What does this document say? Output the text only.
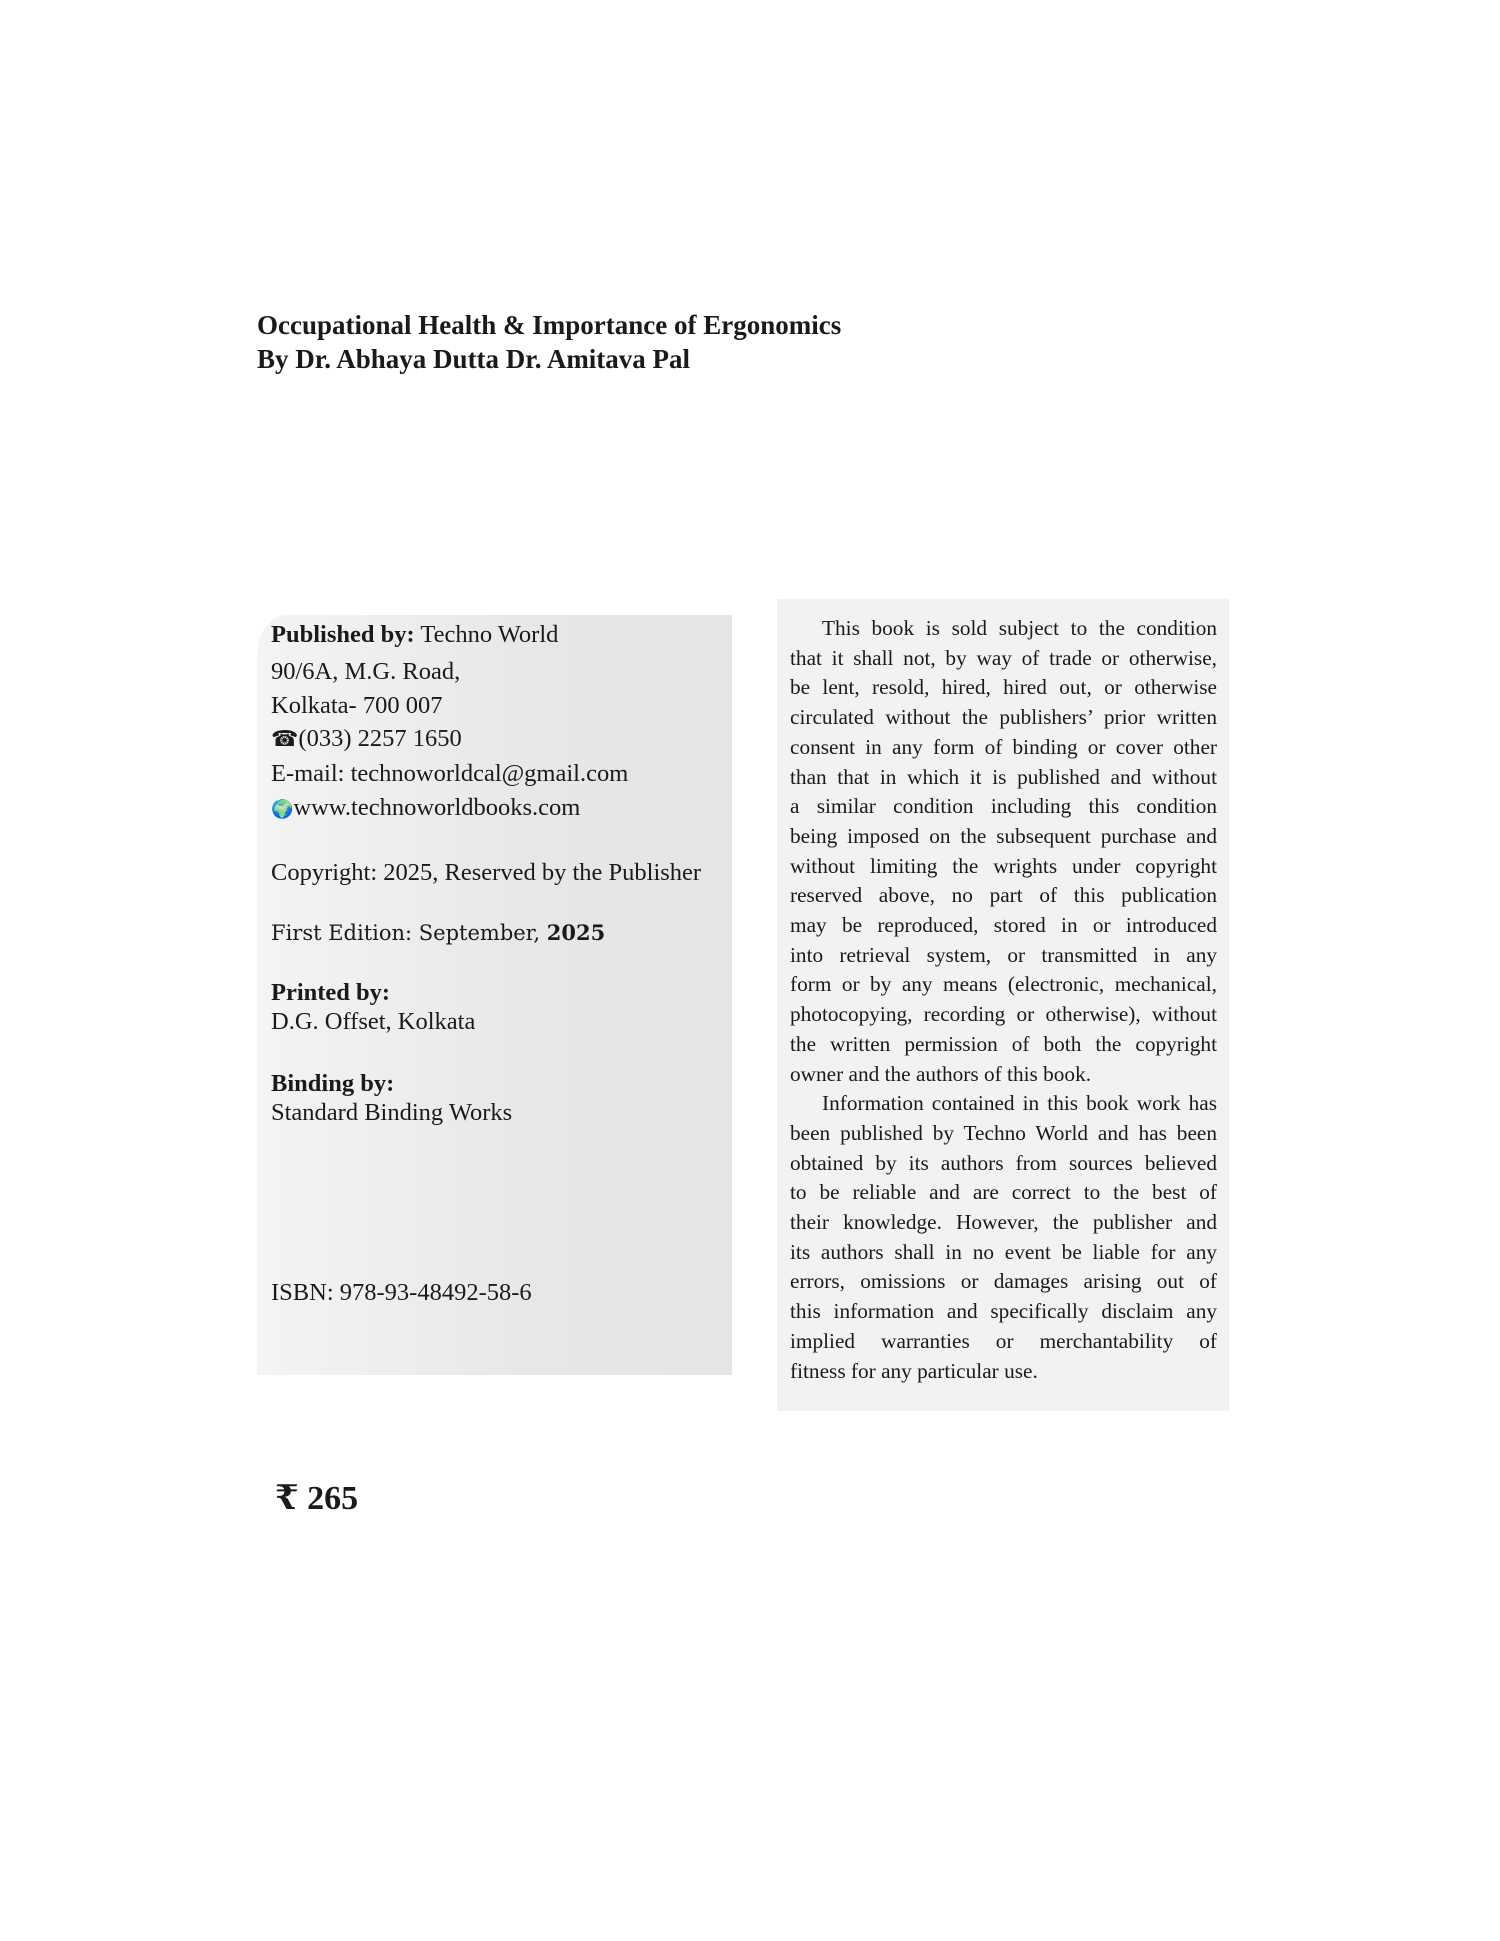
Occupational Health & Importance of Ergonomics
By Dr. Abhaya Dutta Dr. Amitava Pal
Published by: Techno World
90/6A, M.G. Road,
Kolkata- 700 007
☎(033) 2257 1650
E-mail: technoworldcal@gmail.com
🌍www.technoworldbooks.com
Copyright: 2025, Reserved by the Publisher
First Edition: September, 2025
Printed by:
D.G. Offset, Kolkata
Binding by:
Standard Binding Works
ISBN: 978-93-48492-58-6
This book is sold subject to the condition
that it shall not, by way of trade or otherwise,
be lent, resold, hired, hired out, or otherwise
circulated without the publishers’ prior written
consent in any form of binding or cover other
than that in which it is published and without
a similar condition including this condition
being imposed on the subsequent purchase and
without limiting the wrights under copyright
reserved above, no part of this publication
may be reproduced, stored in or introduced
into retrieval system, or transmitted in any
form or by any means (electronic, mechanical,
photocopying, recording or otherwise), without
the written permission of both the copyright
owner and the authors of this book.
Information contained in this book work has
been published by Techno World and has been
obtained by its authors from sources believed
to be reliable and are correct to the best of
their knowledge. However, the publisher and
its authors shall in no event be liable for any
errors, omissions or damages arising out of
this information and specifically disclaim any
implied warranties or merchantability of
fitness for any particular use.
₹ 265
